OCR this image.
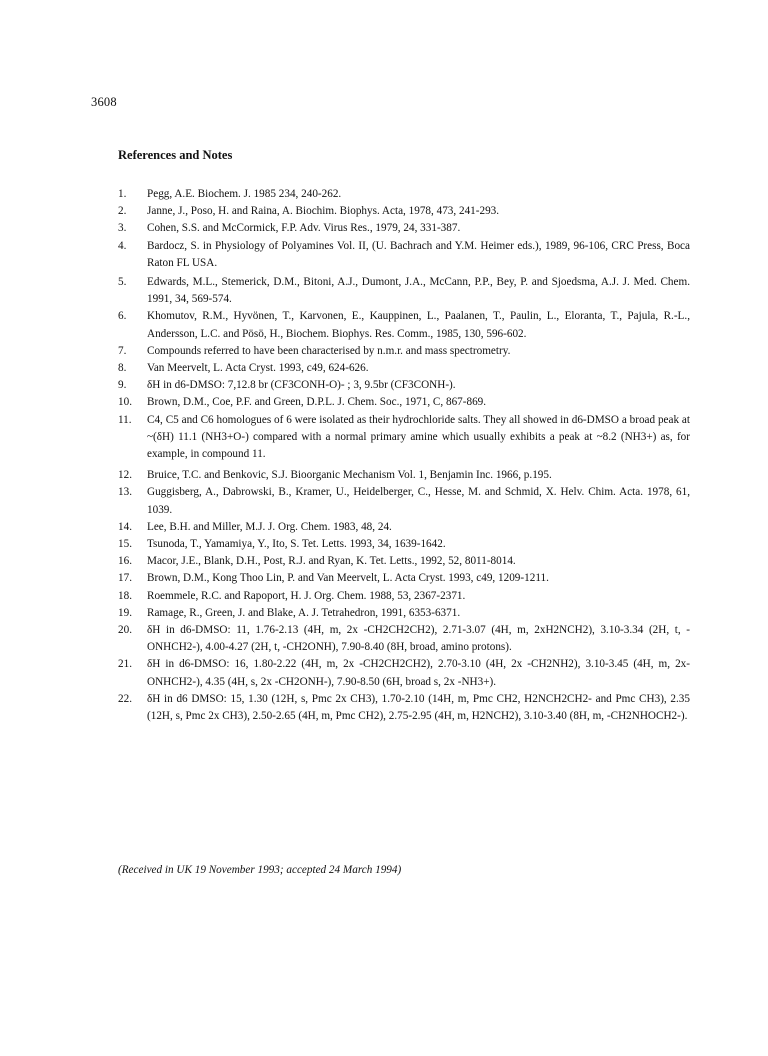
3608
References and Notes
1. Pegg, A.E. Biochem. J. 1985 234, 240-262.
2. Janne, J., Poso, H. and Raina, A. Biochim. Biophys. Acta, 1978, 473, 241-293.
3. Cohen, S.S. and McCormick, F.P. Adv. Virus Res., 1979, 24, 331-387.
4. Bardocz, S. in Physiology of Polyamines Vol. II, (U. Bachrach and Y.M. Heimer eds.), 1989, 96-106, CRC Press, Boca Raton FL USA.
5. Edwards, M.L., Stemerick, D.M., Bitoni, A.J., Dumont, J.A., McCann, P.P., Bey, P. and Sjoedsma, A.J. J. Med. Chem. 1991, 34, 569-574.
6. Khomutov, R.M., Hyvönen, T., Karvonen, E., Kauppinen, L., Paalanen, T., Paulin, L., Eloranta, T., Pajula, R.-L., Andersson, L.C. and Pösö, H., Biochem. Biophys. Res. Comm., 1985, 130, 596-602.
7. Compounds referred to have been characterised by n.m.r. and mass spectrometry.
8. Van Meervelt, L. Acta Cryst. 1993, c49, 624-626.
9. δH in d6-DMSO: 7,12.8 br (CF3CONH-O)- ; 3, 9.5br (CF3CONH-).
10. Brown, D.M., Coe, P.F. and Green, D.P.L. J. Chem. Soc., 1971, C, 867-869.
11. C4, C5 and C6 homologues of 6 were isolated as their hydrochloride salts. They all showed in d6-DMSO a broad peak at ~(δH) 11.1 (NH3+O-) compared with a normal primary amine which usually exhibits a peak at ~8.2 (NH3+) as, for example, in compound 11.
12. Bruice, T.C. and Benkovic, S.J. Bioorganic Mechanism Vol. 1, Benjamin Inc. 1966, p.195.
13. Guggisberg, A., Dabrowski, B., Kramer, U., Heidelberger, C., Hesse, M. and Schmid, X. Helv. Chim. Acta. 1978, 61, 1039.
14. Lee, B.H. and Miller, M.J. J. Org. Chem. 1983, 48, 24.
15. Tsunoda, T., Yamamiya, Y., Ito, S. Tet. Letts. 1993, 34, 1639-1642.
16. Macor, J.E., Blank, D.H., Post, R.J. and Ryan, K. Tet. Letts., 1992, 52, 8011-8014.
17. Brown, D.M., Kong Thoo Lin, P. and Van Meervelt, L. Acta Cryst. 1993, c49, 1209-1211.
18. Roemmele, R.C. and Rapoport, H. J. Org. Chem. 1988, 53, 2367-2371.
19. Ramage, R., Green, J. and Blake, A. J. Tetrahedron, 1991, 6353-6371.
20. δH in d6-DMSO: 11, 1.76-2.13 (4H, m, 2x -CH2CH2CH2), 2.71-3.07 (4H, m, 2xH2NCH2), 3.10-3.34 (2H, t, -ONHCH2-), 4.00-4.27 (2H, t, -CH2ONH), 7.90-8.40 (8H, broad, amino protons).
21. δH in d6-DMSO: 16, 1.80-2.22 (4H, m, 2x -CH2CH2CH2), 2.70-3.10 (4H, 2x -CH2NH2), 3.10-3.45 (4H, m, 2x-ONHCH2-), 4.35 (4H, s, 2x -CH2ONH-), 7.90-8.50 (6H, broad s, 2x -NH3+).
22. δH in d6 DMSO: 15, 1.30 (12H, s, Pmc 2x CH3), 1.70-2.10 (14H, m, Pmc CH2, H2NCH2CH2- and Pmc CH3), 2.35 (12H, s, Pmc 2x CH3), 2.50-2.65 (4H, m, Pmc CH2), 2.75-2.95 (4H, m, H2NCH2), 3.10-3.40 (8H, m, -CH2NHOCH2-).
(Received in UK 19 November 1993; accepted 24 March 1994)
